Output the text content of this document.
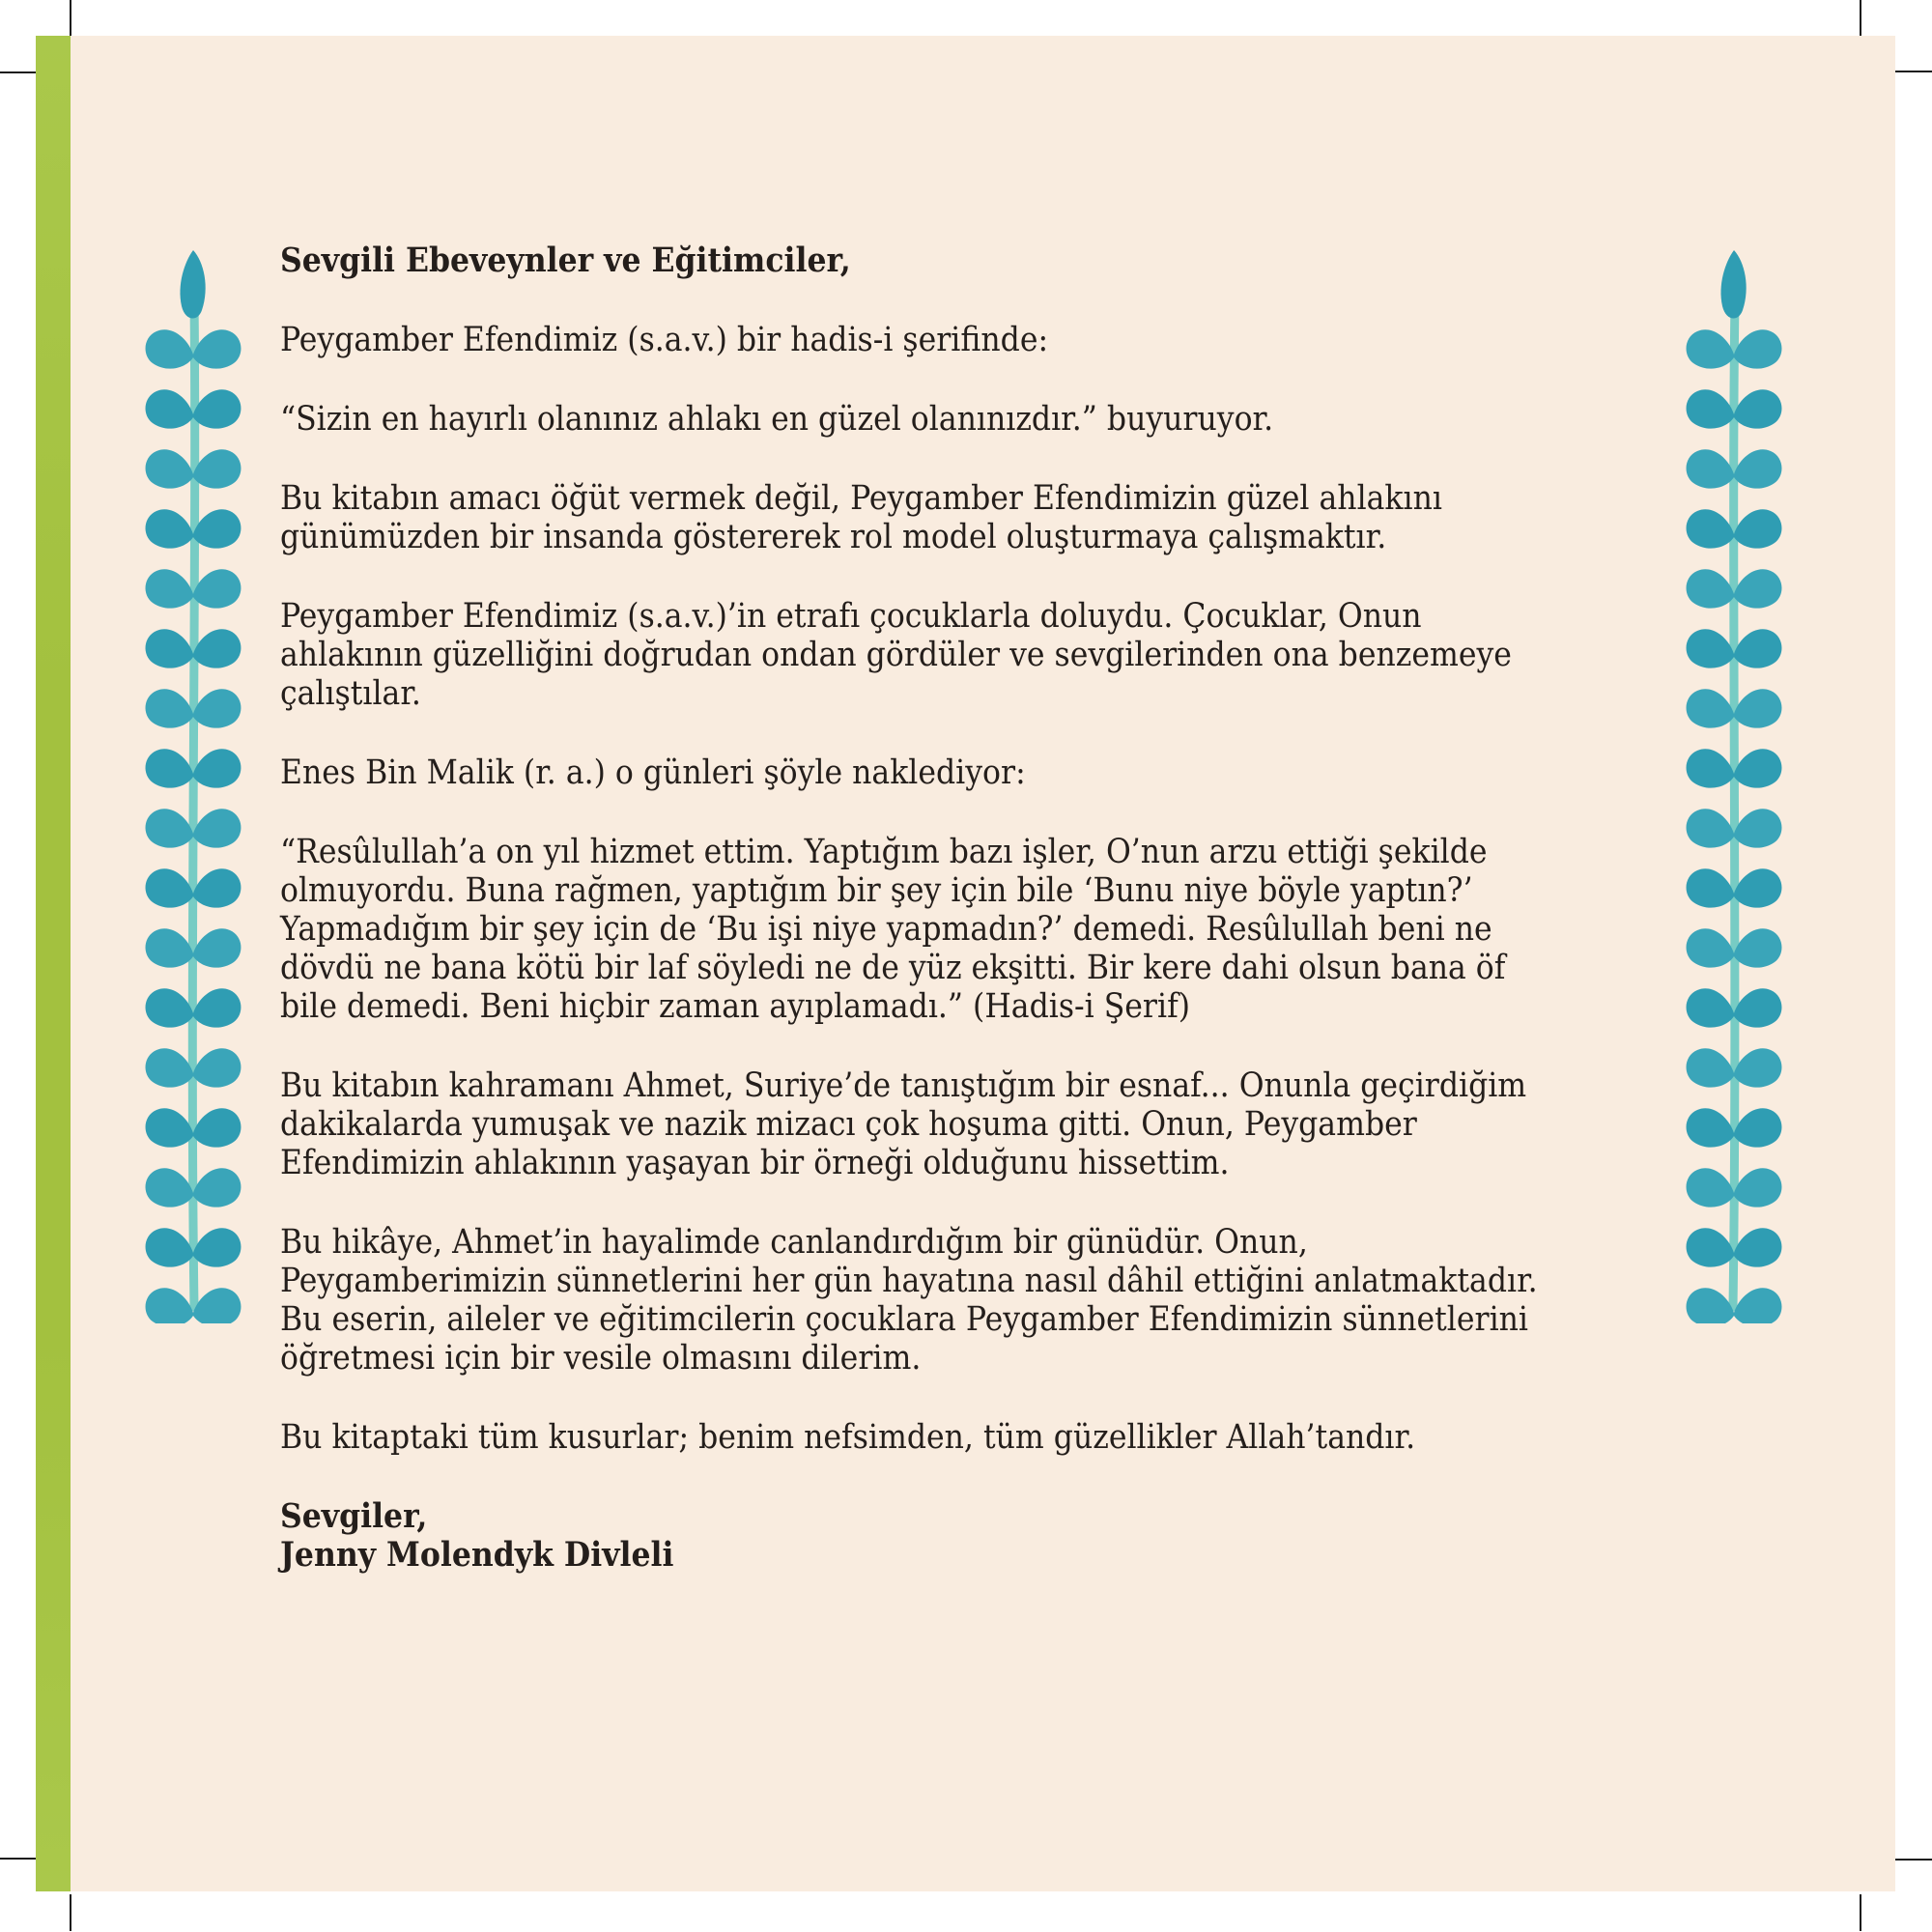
Sevgili Ebeveynler ve Eğitimciler,
Peygamber Efendimiz (s.a.v.) bir hadis-i şerifinde:
“Sizin en hayırlı olanınız ahlakı en güzel olanınızdır.” buyuruyor.
Bu kitabın amacı öğüt vermek değil, Peygamber Efendimizin güzel ahlakını
günümüzden bir insanda göstererek rol model oluşturmaya çalışmaktır.
Peygamber Efendimiz (s.a.v.)’in etrafı çocuklarla doluydu. Çocuklar, Onun
ahlakının güzelliğini doğrudan ondan gördüler ve sevgilerinden ona benzemeye
çalıştılar.
Enes Bin Malik (r. a.) o günleri şöyle naklediyor:
“Resûlullah’a on yıl hizmet ettim. Yaptığım bazı işler, O’nun arzu ettiği şekilde
olmuyordu. Buna rağmen, yaptığım bir şey için bile ‘Bunu niye böyle yaptın?’
Yapmadığım bir şey için de ‘Bu işi niye yapmadın?’ demedi. Resûlullah beni ne
dövdü ne bana kötü bir laf söyledi ne de yüz ekşitti. Bir kere dahi olsun bana öf
bile demedi. Beni hiçbir zaman ayıplamadı.” (Hadis-i Şerif)
Bu kitabın kahramanı Ahmet, Suriye’de tanıştığım bir esnaf... Onunla geçirdiğim
dakikalarda yumuşak ve nazik mizacı çok hoşuma gitti. Onun, Peygamber
Efendimizin ahlakının yaşayan bir örneği olduğunu hissettim.
Bu hikâye, Ahmet’in hayalimde canlandırdığım bir günüdür. Onun,
Peygamberimizin sünnetlerini her gün hayatına nasıl dâhil ettiğini anlatmaktadır.
Bu eserin, aileler ve eğitimcilerin çocuklara Peygamber Efendimizin sünnetlerini
öğretmesi için bir vesile olmasını dilerim.
Bu kitaptaki tüm kusurlar; benim nefsimden, tüm güzellikler Allah’tandır.
Sevgiler,
Jenny Molendyk Divleli
